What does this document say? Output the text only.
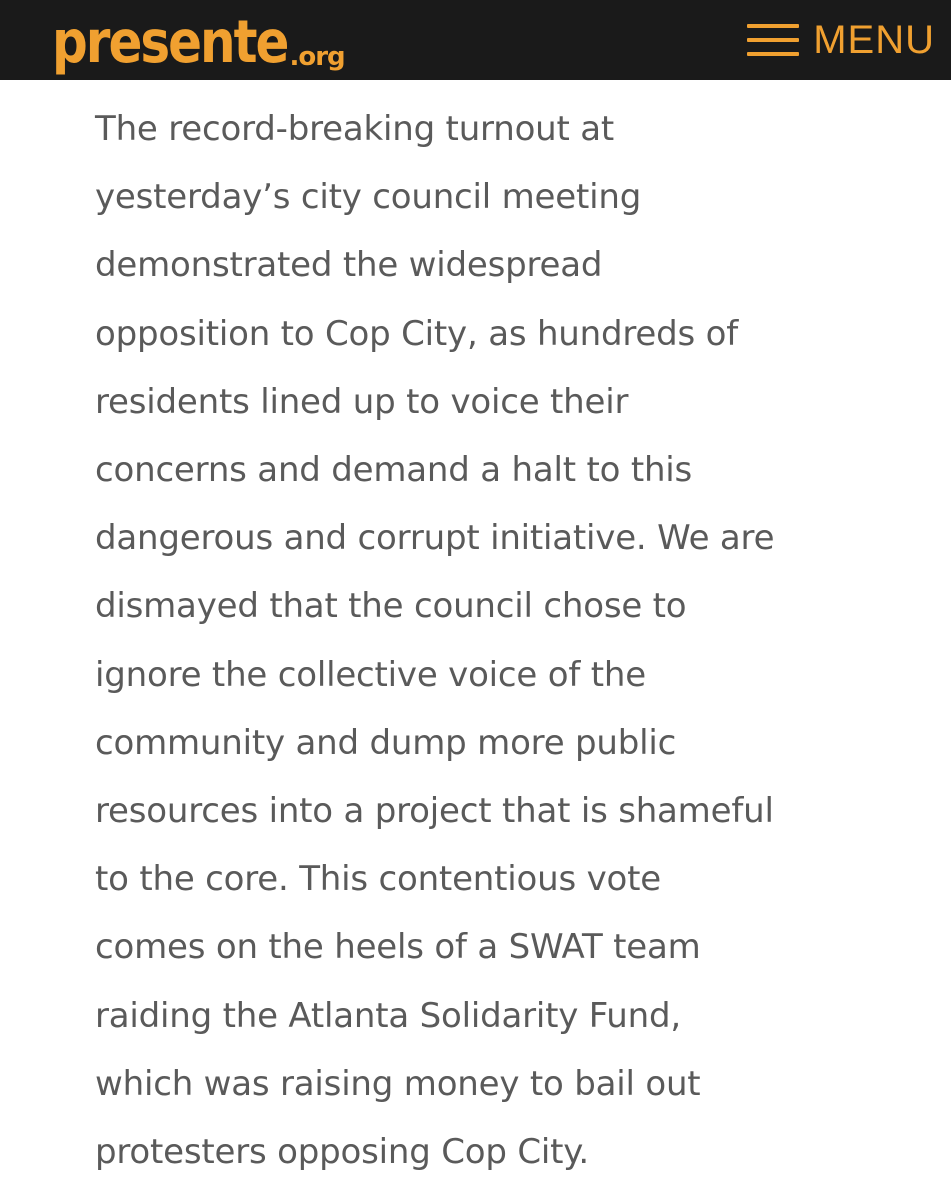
presente .org	MENU

The record-breaking turnout at
yesterday’s city council meeting
demonstrated the widespread
opposition to Cop City, as hundreds of
residents lined up to voice their
concerns and demand a halt to this
dangerous and corrupt initiative. We are
dismayed that the council chose to
ignore the collective voice of the
community and dump more public
resources into a project that is shameful
to the core. This contentious vote
comes on the heels of a SWAT team
raiding the Atlanta Solidarity Fund,
which was raising money to bail out
protesters opposing Cop City.
